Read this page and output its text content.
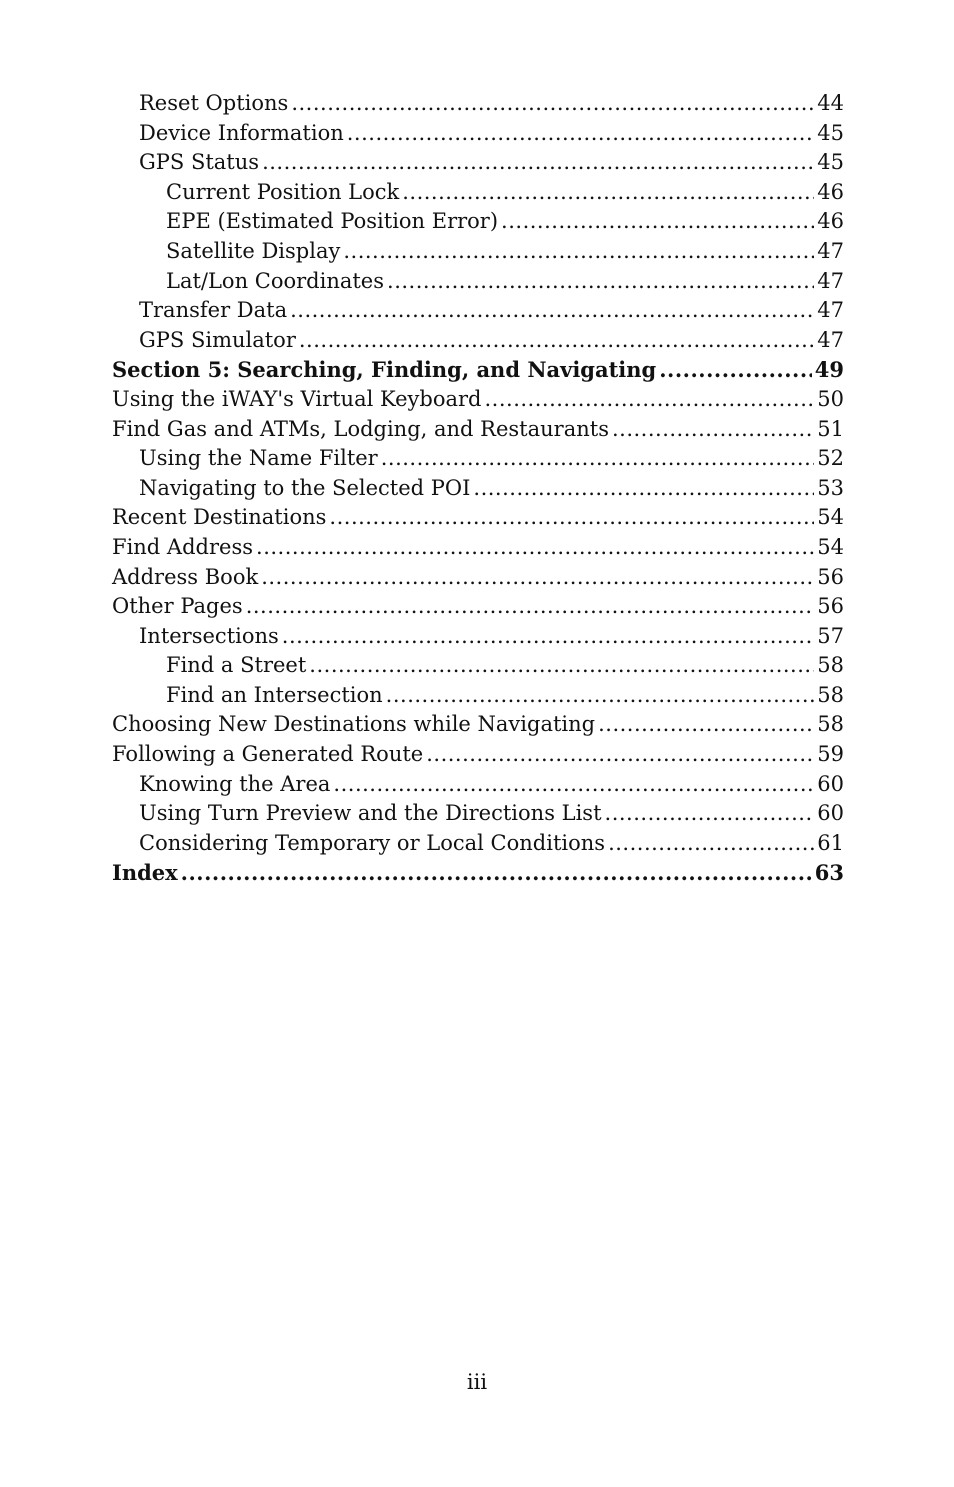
Reset Options .....	44
Device Information .....	45
GPS Status .....	45
Current Position Lock .....	46
EPE (Estimated Position Error) .....	46
Satellite Display .....	47
Lat/Lon Coordinates .....	47
Transfer Data .....	47
GPS Simulator .....	47
Section 5: Searching, Finding, and Navigating .....	49
Using the iWAY's Virtual Keyboard .....	50
Find Gas and ATMs, Lodging, and Restaurants .....	51
Using the Name Filter .....	52
Navigating to the Selected POI .....	53
Recent Destinations .....	54
Find Address .....	54
Address Book .....	56
Other Pages .....	56
Intersections .....	57
Find a Street .....	58
Find an Intersection .....	58
Choosing New Destinations while Navigating .....	58
Following a Generated Route .....	59
Knowing the Area .....	60
Using Turn Preview and the Directions List .....	60
Considering Temporary or Local Conditions .....	61
Index .....	63
iii
